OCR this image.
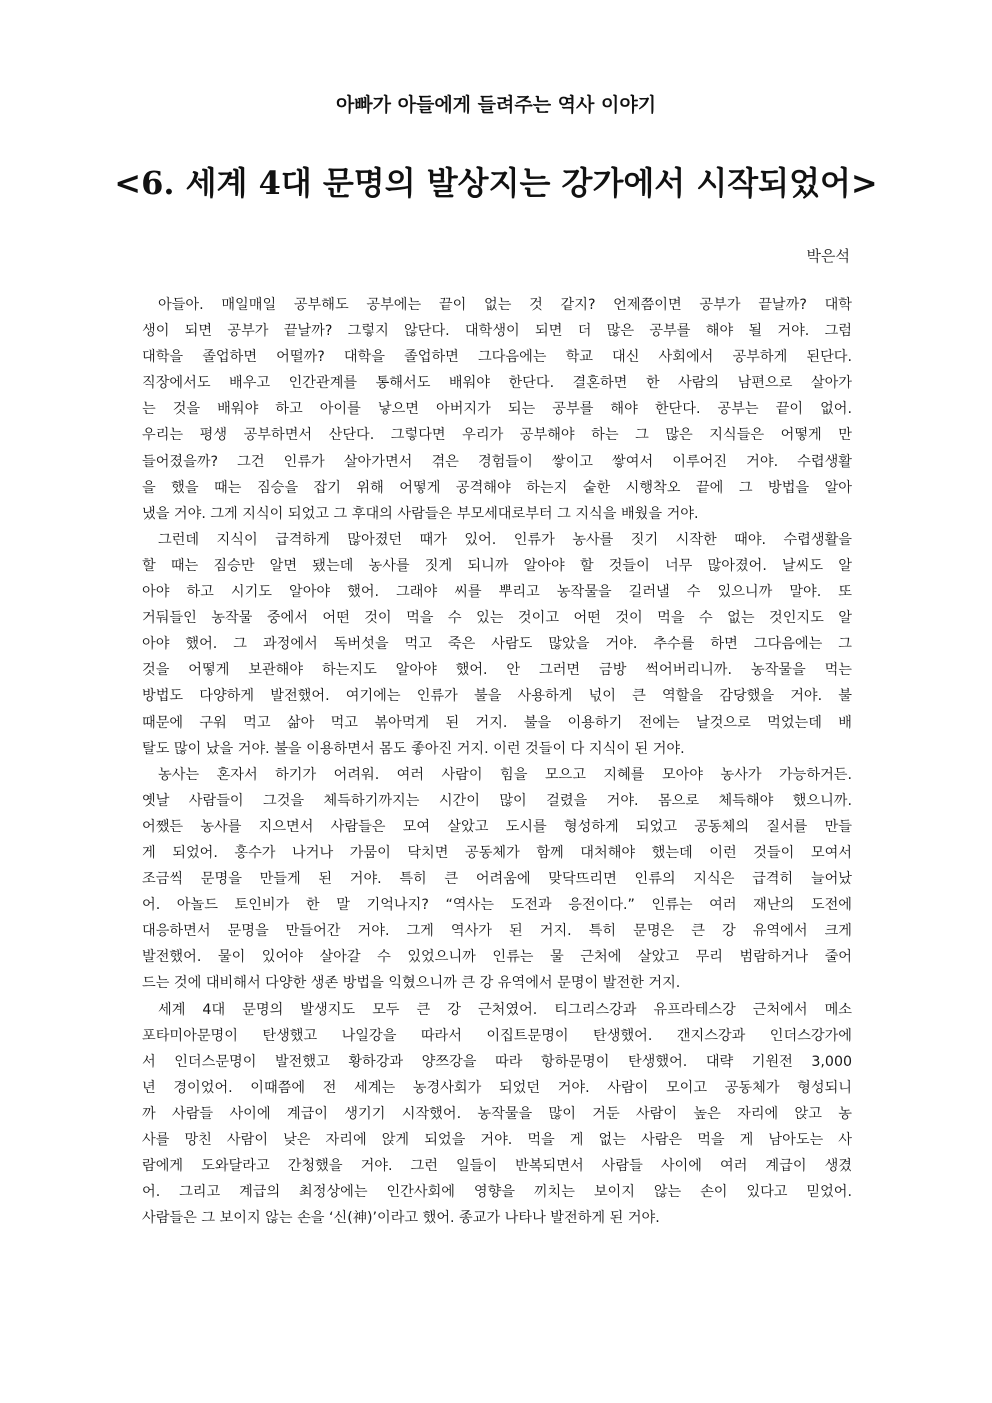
아빠가 아들에게 들려주는 역사 이야기
<6. 세계 4대 문명의 발상지는 강가에서 시작되었어>
박은석
아들아. 매일매일 공부해도 공부에는 끝이 없는 것 같지? 언제쯤이면 공부가 끝날까? 대학
생이 되면 공부가 끝날까? 그렇지 않단다. 대학생이 되면 더 많은 공부를 해야 될 거야. 그럼
대학을 졸업하면 어떨까? 대학을 졸업하면 그다음에는 학교 대신 사회에서 공부하게 된단다.
직장에서도 배우고 인간관계를 통해서도 배워야 한단다. 결혼하면 한 사람의 남편으로 살아가
는 것을 배워야 하고 아이를 낳으면 아버지가 되는 공부를 해야 한단다. 공부는 끝이 없어.
우리는 평생 공부하면서 산단다. 그렇다면 우리가 공부해야 하는 그 많은 지식들은 어떻게 만
들어졌을까? 그건 인류가 살아가면서 겪은 경험들이 쌓이고 쌓여서 이루어진 거야. 수렵생활
을 했을 때는 짐승을 잡기 위해 어떻게 공격해야 하는지 숱한 시행착오 끝에 그 방법을 알아
냈을 거야. 그게 지식이 되었고 그 후대의 사람들은 부모세대로부터 그 지식을 배웠을 거야.
그런데 지식이 급격하게 많아졌던 때가 있어. 인류가 농사를 짓기 시작한 때야. 수렵생활을
할 때는 짐승만 알면 됐는데 농사를 짓게 되니까 알아야 할 것들이 너무 많아졌어. 날씨도 알
아야 하고 시기도 알아야 했어. 그래야 씨를 뿌리고 농작물을 길러낼 수 있으니까 말야. 또
거둬들인 농작물 중에서 어떤 것이 먹을 수 있는 것이고 어떤 것이 먹을 수 없는 것인지도 알
아야 했어. 그 과정에서 독버섯을 먹고 죽은 사람도 많았을 거야. 추수를 하면 그다음에는 그
것을 어떻게 보관해야 하는지도 알아야 했어. 안 그러면 금방 썩어버리니까. 농작물을 먹는
방법도 다양하게 발전했어. 여기에는 인류가 불을 사용하게 넋이 큰 역할을 감당했을 거야. 불
때문에 구워 먹고 삶아 먹고 볶아먹게 된 거지. 불을 이용하기 전에는 날것으로 먹었는데 배
탈도 많이 났을 거야. 불을 이용하면서 몸도 좋아진 거지. 이런 것들이 다 지식이 된 거야.
농사는 혼자서 하기가 어려워. 여러 사람이 힘을 모으고 지혜를 모아야 농사가 가능하거든.
옛날 사람들이 그것을 체득하기까지는 시간이 많이 걸렸을 거야. 몸으로 체득해야 했으니까.
어쨌든 농사를 지으면서 사람들은 모여 살았고 도시를 형성하게 되었고 공동체의 질서를 만들
게 되었어. 홍수가 나거나 가뭄이 닥치면 공동체가 함께 대처해야 했는데 이런 것들이 모여서
조금씩 문명을 만들게 된 거야. 특히 큰 어려움에 맞닥뜨리면 인류의 지식은 급격히 늘어났
어. 아놀드 토인비가 한 말 기억나지? “역사는 도전과 응전이다.” 인류는 여러 재난의 도전에
대응하면서 문명을 만들어간 거야. 그게 역사가 된 거지. 특히 문명은 큰 강 유역에서 크게
발전했어. 물이 있어야 살아갈 수 있었으니까 인류는 물 근처에 살았고 무리 범람하거나 줄어
드는 것에 대비해서 다양한 생존 방법을 익혔으니까 큰 강 유역에서 문명이 발전한 거지.
세계 4대 문명의 발생지도 모두 큰 강 근처였어. 티그리스강과 유프라테스강 근처에서 메소
포타미아문명이 탄생했고 나일강을 따라서 이집트문명이 탄생했어. 갠지스강과 인더스강가에
서 인더스문명이 발전했고 황하강과 양쯔강을 따라 항하문명이 탄생했어. 대략 기원전 3,000
년 경이었어. 이때쯤에 전 세계는 농경사회가 되었던 거야. 사람이 모이고 공동체가 형성되니
까 사람들 사이에 계급이 생기기 시작했어. 농작물을 많이 거둔 사람이 높은 자리에 앉고 농
사를 망친 사람이 낮은 자리에 앉게 되었을 거야. 먹을 게 없는 사람은 먹을 게 남아도는 사
람에게 도와달라고 간청했을 거야. 그런 일들이 반복되면서 사람들 사이에 여러 계급이 생겼
어. 그리고 계급의 최정상에는 인간사회에 영향을 끼치는 보이지 않는 손이 있다고 믿었어.
사람들은 그 보이지 않는 손을 ‘신(神)’이라고 했어. 종교가 나타나 발전하게 된 거야.
